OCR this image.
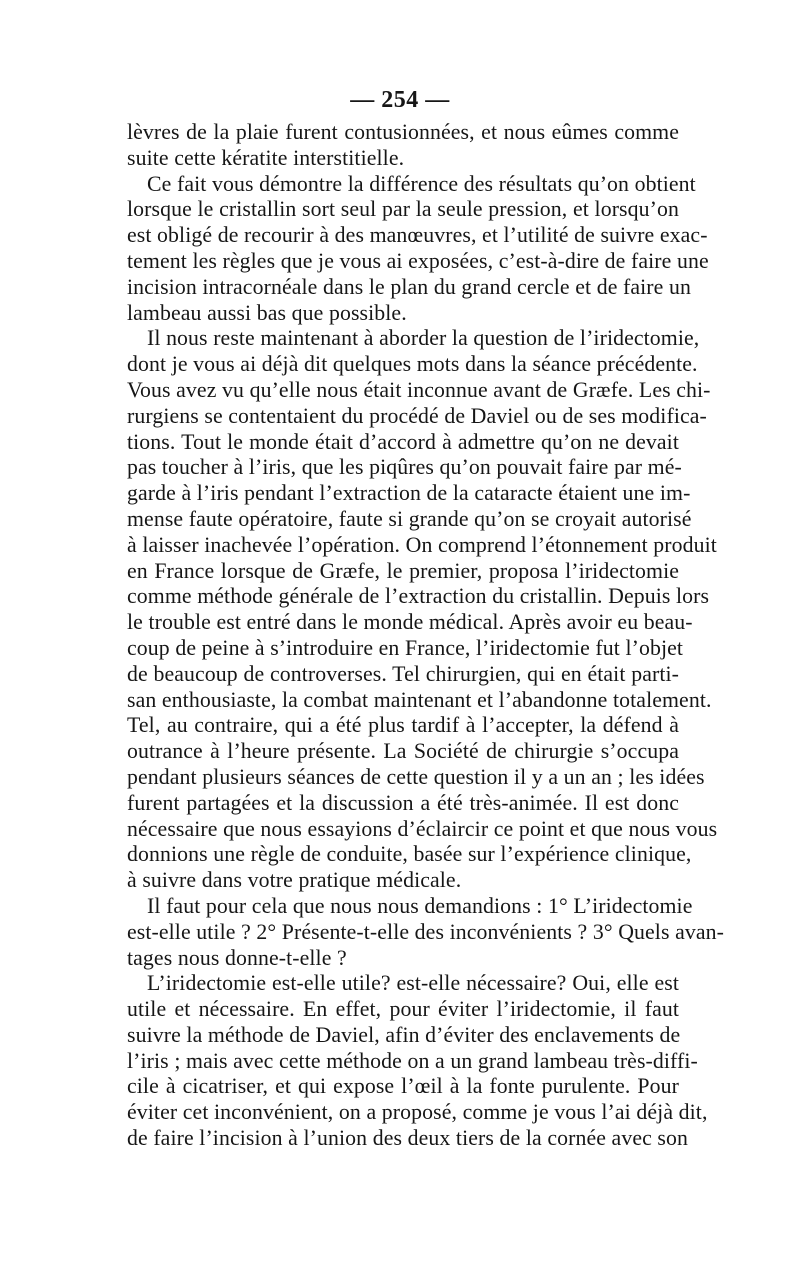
— 254 —
lèvres de la plaie furent contusionnées, et nous eûmes comme
suite cette kératite interstitielle.
Ce fait vous démontre la différence des résultats qu’on obtient
lorsque le cristallin sort seul par la seule pression, et lorsqu’on
est obligé de recourir à des manœuvres, et l’utilité de suivre exac-
tement les règles que je vous ai exposées, c’est-à-dire de faire une
incision intracornéale dans le plan du grand cercle et de faire un
lambeau aussi bas que possible.
Il nous reste maintenant à aborder la question de l’iridectomie,
dont je vous ai déjà dit quelques mots dans la séance précédente.
Vous avez vu qu’elle nous était inconnue avant de Græfe. Les chi-
rurgiens se contentaient du procédé de Daviel ou de ses modifica-
tions. Tout le monde était d’accord à admettre qu’on ne devait
pas toucher à l’iris, que les piqûres qu’on pouvait faire par mé-
garde à l’iris pendant l’extraction de la cataracte étaient une im-
mense faute opératoire, faute si grande qu’on se croyait autorisé
à laisser inachevée l’opération. On comprend l’étonnement produit
en France lorsque de Græfe, le premier, proposa l’iridectomie
comme méthode générale de l’extraction du cristallin. Depuis lors
le trouble est entré dans le monde médical. Après avoir eu beau-
coup de peine à s’introduire en France, l’iridectomie fut l’objet
de beaucoup de controverses. Tel chirurgien, qui en était parti-
san enthousiaste, la combat maintenant et l’abandonne totalement.
Tel, au contraire, qui a été plus tardif à l’accepter, la défend à
outrance à l’heure présente. La Société de chirurgie s’occupa
pendant plusieurs séances de cette question il y a un an ; les idées
furent partagées et la discussion a été très-animée. Il est donc
nécessaire que nous essayions d’éclaircir ce point et que nous vous
donnions une règle de conduite, basée sur l’expérience clinique,
à suivre dans votre pratique médicale.
Il faut pour cela que nous nous demandions : 1° L’iridectomie
est-elle utile ? 2° Présente-t-elle des inconvénients ? 3° Quels avan-
tages nous donne-t-elle ?
L’iridectomie est-elle utile? est-elle nécessaire? Oui, elle est
utile et nécessaire. En effet, pour éviter l’iridectomie, il faut
suivre la méthode de Daviel, afin d’éviter des enclavements de
l’iris ; mais avec cette méthode on a un grand lambeau très-diffi-
cile à cicatriser, et qui expose l’œil à la fonte purulente. Pour
éviter cet inconvénient, on a proposé, comme je vous l’ai déjà dit,
de faire l’incision à l’union des deux tiers de la cornée avec son
